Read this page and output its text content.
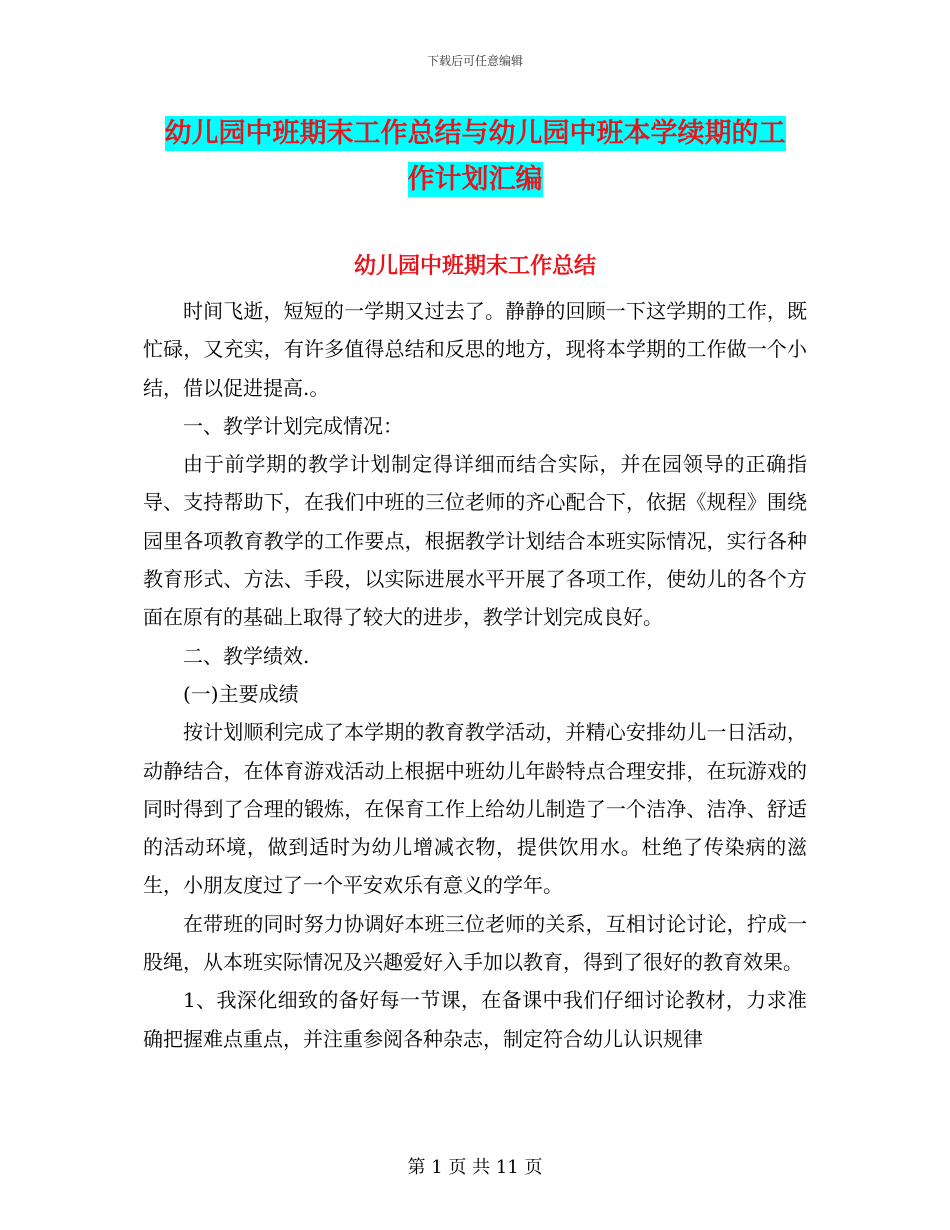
下载后可任意编辑
幼儿园中班期末工作总结与幼儿园中班本学续期的工
作计划汇编
幼儿园中班期末工作总结

时间飞逝，短短的一学期又过去了。静静的回顾一下这学期的工作，既忙碌，又充实，有许多值得总结和反思的地方，现将本学期的工作做一个小结，借以促进提高.。

一、教学计划完成情况：

由于前学期的教学计划制定得详细而结合实际，并在园领导的正确指导、支持帮助下，在我们中班的三位老师的齐心配合下，依据《规程》围绕园里各项教育教学的工作要点，根据教学计划结合本班实际情况，实行各种教育形式、方法、手段，以实际进展水平开展了各项工作，使幼儿的各个方面在原有的基础上取得了较大的进步，教学计划完成良好。

二、教学绩效.

(一)主要成绩

按计划顺利完成了本学期的教育教学活动，并精心安排幼儿一日活动，动静结合，在体育游戏活动上根据中班幼儿年龄特点合理安排，在玩游戏的同时得到了合理的锻炼，在保育工作上给幼儿制造了一个洁净、洁净、舒适的活动环境，做到适时为幼儿增减衣物，提供饮用水。杜绝了传染病的滋生，小朋友度过了一个平安欢乐有意义的学年。

在带班的同时努力协调好本班三位老师的关系，互相讨论讨论，拧成一股绳，从本班实际情况及兴趣爱好入手加以教育，得到了很好的教育效果。

1、我深化细致的备好每一节课，在备课中我们仔细讨论教材，力求准确把握难点重点，并注重参阅各种杂志，制定符合幼儿认识规律

第 1 页 共 11 页
